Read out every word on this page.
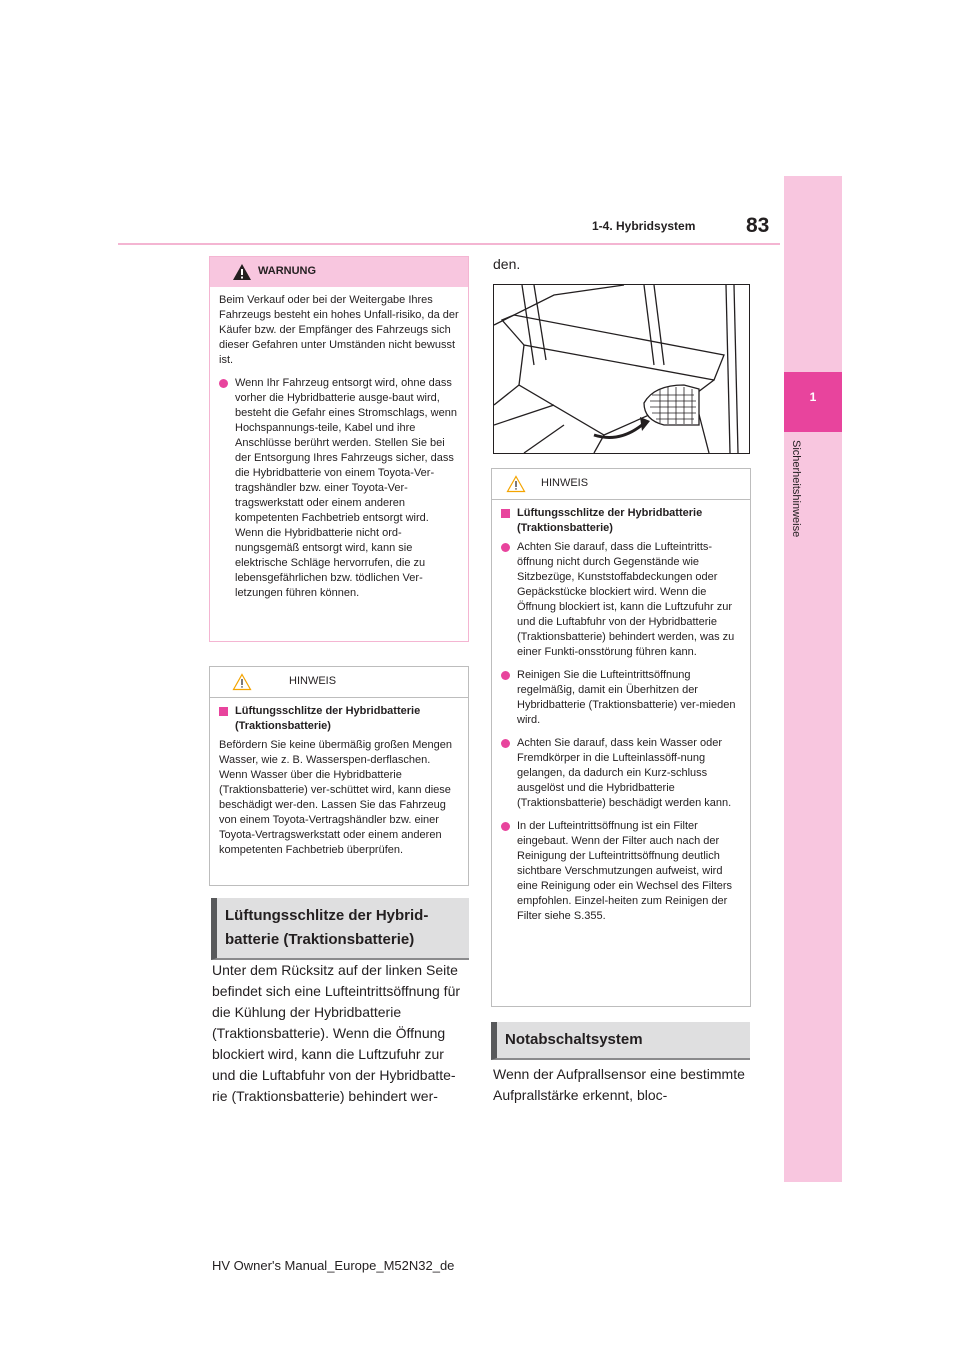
83
1-4. Hybridsystem
1
Sicherheitshinweise
WARNUNG

Beim Verkauf oder bei der Weitergabe Ihres Fahrzeugs besteht ein hohes Unfall-risiko, da der Käufer bzw. der Empfänger des Fahrzeugs sich dieser Gefahren unter Umständen nicht bewusst ist.

Wenn Ihr Fahrzeug entsorgt wird, ohne dass vorher die Hybridbatterie ausge-baut wird, besteht die Gefahr eines Stromschlags, wenn Hochspannungs-teile, Kabel und ihre Anschlüsse berührt werden. Stellen Sie bei der Entsorgung Ihres Fahrzeugs sicher, dass die Hybridbatterie von einem Toyota-Ver-tragshändler bzw. einer Toyota-Ver-tragswerkstatt oder einem anderen kompetenten Fachbetrieb entsorgt wird. Wenn die Hybridbatterie nicht ord-nungsgemäß entsorgt wird, kann sie elektrische Schläge hervorrufen, die zu lebensgefährlichen bzw. tödlichen Ver-letzungen führen können.
HINWEIS
Lüftungsschlitze der Hybridbatterie (Traktionsbatterie)

Befördern Sie keine übermäßig großen Mengen Wasser, wie z. B. Wasserspen-derflaschen. Wenn Wasser über die Hybridbatterie (Traktionsbatterie) ver-schüttet wird, kann diese beschädigt wer-den. Lassen Sie das Fahrzeug von einem Toyota-Vertragshändler bzw. einer Toyota-Vertragswerkstatt oder einem anderen kompetenten Fachbetrieb überprüfen.

Lüftungsschlitze der Hybrid-
batterie (Traktionsbatterie)
Unter dem Rücksitz auf der linken Seite befindet sich eine Lufteintrittsöffnung für die Kühlung der Hybridbatterie (Traktionsbatterie). Wenn die Öffnung blockiert wird, kann die Luftzufuhr zur und die Luftabfuhr von der Hybridbatte-rie (Traktionsbatterie) behindert wer-
den.
HINWEIS
Lüftungsschlitze der Hybridbatterie (Traktionsbatterie)
Achten Sie darauf, dass die Lufteintritts-öffnung nicht durch Gegenstände wie Sitzbezüge, Kunststoffabdeckungen oder Gepäckstücke blockiert wird. Wenn die Öffnung blockiert ist, kann die Luftzufuhr zur und die Luftabfuhr von der Hybridbatterie (Traktionsbatterie) behindert werden, was zu einer Funkti-onsstörung führen kann.
Reinigen Sie die Lufteintrittsöffnung regelmäßig, damit ein Überhitzen der Hybridbatterie (Traktionsbatterie) ver-mieden wird.
Achten Sie darauf, dass kein Wasser oder Fremdkörper in die Lufteinlassöff-nung gelangen, da dadurch ein Kurz-schluss ausgelöst und die Hybridbatterie (Traktionsbatterie) beschädigt werden kann.
In der Lufteintrittsöffnung ist ein Filter eingebaut. Wenn der Filter auch nach der Reinigung der Lufteintrittsöffnung deutlich sichtbare Verschmutzungen aufweist, wird eine Reinigung oder ein Wechsel des Filters empfohlen. Einzel-heiten zum Reinigen der Filter siehe S.355.
Notabschaltsystem
Wenn der Aufprallsensor eine bestimmte Aufprallstärke erkennt, bloc-
HV Owner's Manual_Europe_M52N32_de
